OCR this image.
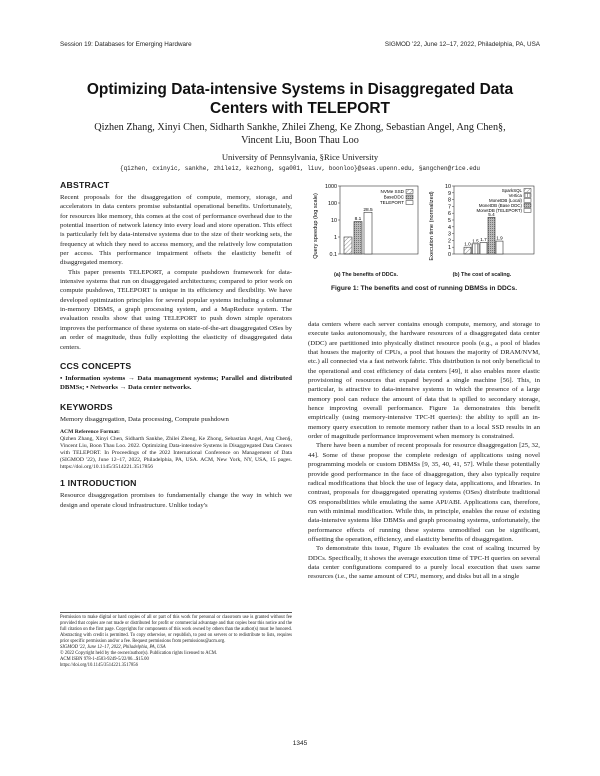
Session 19: Databases for Emerging Hardware	SIGMOD '22, June 12–17, 2022, Philadelphia, PA, USA
Optimizing Data-intensive Systems in Disaggregated Data Centers with TELEPORT
Qizhen Zhang, Xinyi Chen, Sidharth Sankhe, Zhilei Zheng, Ke Zhong, Sebastian Angel, Ang Chen§,
Vincent Liu, Boon Thau Loo
University of Pennsylvania, §Rice University
{qizhen, cxinyic, sankhe, zhileiz, kezhong, sga001, liuv, boonloo}@seas.upenn.edu, §angchen@rice.edu
ABSTRACT

Recent proposals for the disaggregation of compute, memory, storage, and accelerators in data centers promise substantial operational benefits. Unfortunately, for resources like memory, this comes at the cost of performance overhead due to the potential insertion of network latency into every load and store operation. This effect is particularly felt by data-intensive systems due to the size of their working sets, the frequency at which they need to access memory, and the relatively low computation per access. This performance impairment offsets the elasticity benefit of disaggregated memory.

This paper presents TELEPORT, a compute pushdown framework for data-intensive systems that run on disaggregated architectures; compared to prior work on compute pushdown, TELEPORT is unique in its efficiency and flexibility. We have developed optimization principles for several popular systems including a columnar in-memory DBMS, a graph processing system, and a MapReduce system. The evaluation results show that using TELEPORT to push down simple operators improves the performance of these systems on state-of-the-art disaggregated OSes by an order of magnitude, thus fully exploiting the elasticity of disaggregated data centers.

CCS CONCEPTS
• Information systems → Data management systems; Parallel and distributed DBMSs; • Networks → Data center networks.
KEYWORDS
Memory disaggregation, Data processing, Compute pushdown
ACM Reference Format:
Qizhen Zhang, Xinyi Chen, Sidharth Sankhe, Zhilei Zheng, Ke Zhong, Sebastian Angel, Ang Chen§, Vincent Liu, Boon Thau Loo. 2022. Optimizing Data-intensive Systems in Disaggregated Data Centers with TELEPORT. In Proceedings of the 2022 International Conference on Management of Data (SIGMOD '22), June 12–17, 2022, Philadelphia, PA, USA. ACM, New York, NY, USA, 15 pages. https://doi.org/10.1145/3514221.3517856
1 INTRODUCTION
Resource disaggregation promises to fundamentally change the way in which we design and operate cloud infrastructure. Unlike today's
Permission to make digital or hard copies of all or part of this work for personal or classroom use is granted without fee provided that copies are not made or distributed for profit or commercial advantage and that copies bear this notice and the full citation on the first page. Copyrights for components of this work owned by others than the author(s) must be honored. Abstracting with credit is permitted. To copy otherwise, or republish, to post on servers or to redistribute to lists, requires prior specific permission and/or a fee. Request permissions from permissions@acm.org.
SIGMOD '22, June 12–17, 2022, Philadelphia, PA, USA
© 2022 Copyright held by the owner/author(s). Publication rights licensed to ACM.
ACM ISBN 978-1-4503-9249-5/22/06...$15.00
https://doi.org/10.1145/3514221.3517856
Query speedup (log scale)
1000
100
10
1
0.1
8.1
28.5
NVMe SSD
BaseDDC
TELEPORT
(a) The benefits of DDCs.
Execution time (normalized)
10
9
8
7
6
5
4
3
2
1
0
1.0
1.5 1.7
5.4
1.9
SparkSQL
Vertica
MonetDB (Local)
MonetDB (Base DDC)
MonetDB (TELEPORT)
(b) The cost of scaling.
Figure 1: The benefits and cost of running DBMSs in DDCs.

data centers where each server contains enough compute, memory, and storage to execute tasks autonomously, the hardware resources of a disaggregated data center (DDC) are partitioned into physically distinct resource pools (e.g., a pool of blades that houses the majority of CPUs, a pool that houses the majority of DRAM/NVM, etc.) all connected via a fast network fabric. This distribution is not only beneficial to the operational and cost efficiency of data centers [49], it also enables more elastic provisioning of resources that expand beyond a single machine [56]. This, in particular, is attractive to data-intensive systems in which the presence of a large memory pool can reduce the amount of data that is spilled to secondary storage, hence improving overall performance. Figure 1a demonstrates this benefit empirically (using memory-intensive TPC-H queries): the ability to spill an in-memory query execution to remote memory rather than to a local SSD results in an order of magnitude performance improvement when memory is constrained.

There have been a number of recent proposals for resource disaggregation [25, 32, 44]. Some of these propose the complete redesign of applications using novel programming models or custom DBMSs [9, 35, 40, 41, 57]. While these potentially provide good performance in the face of disaggregation, they also typically require radical modifications that block the use of legacy data, applications, and libraries. In contrast, proposals for disaggregated operating systems (OSes) distribute traditional OS responsibilities while emulating the same API/ABI. Applications can, therefore, run with minimal modification. While this, in principle, enables the reuse of existing data-intensive systems like DBMSs and graph processing systems, unfortunately, the performance effects of running these systems unmodified can be significant, offsetting the operation, efficiency, and elasticity benefits of disaggregation.

To demonstrate this issue, Figure 1b evaluates the cost of scaling incurred by DDCs. Specifically, it shows the average execution time of TPC-H queries on several data center configurations compared to a purely local execution that uses same resources (i.e., the same amount of CPU, memory, and disks but all in a single

1345
